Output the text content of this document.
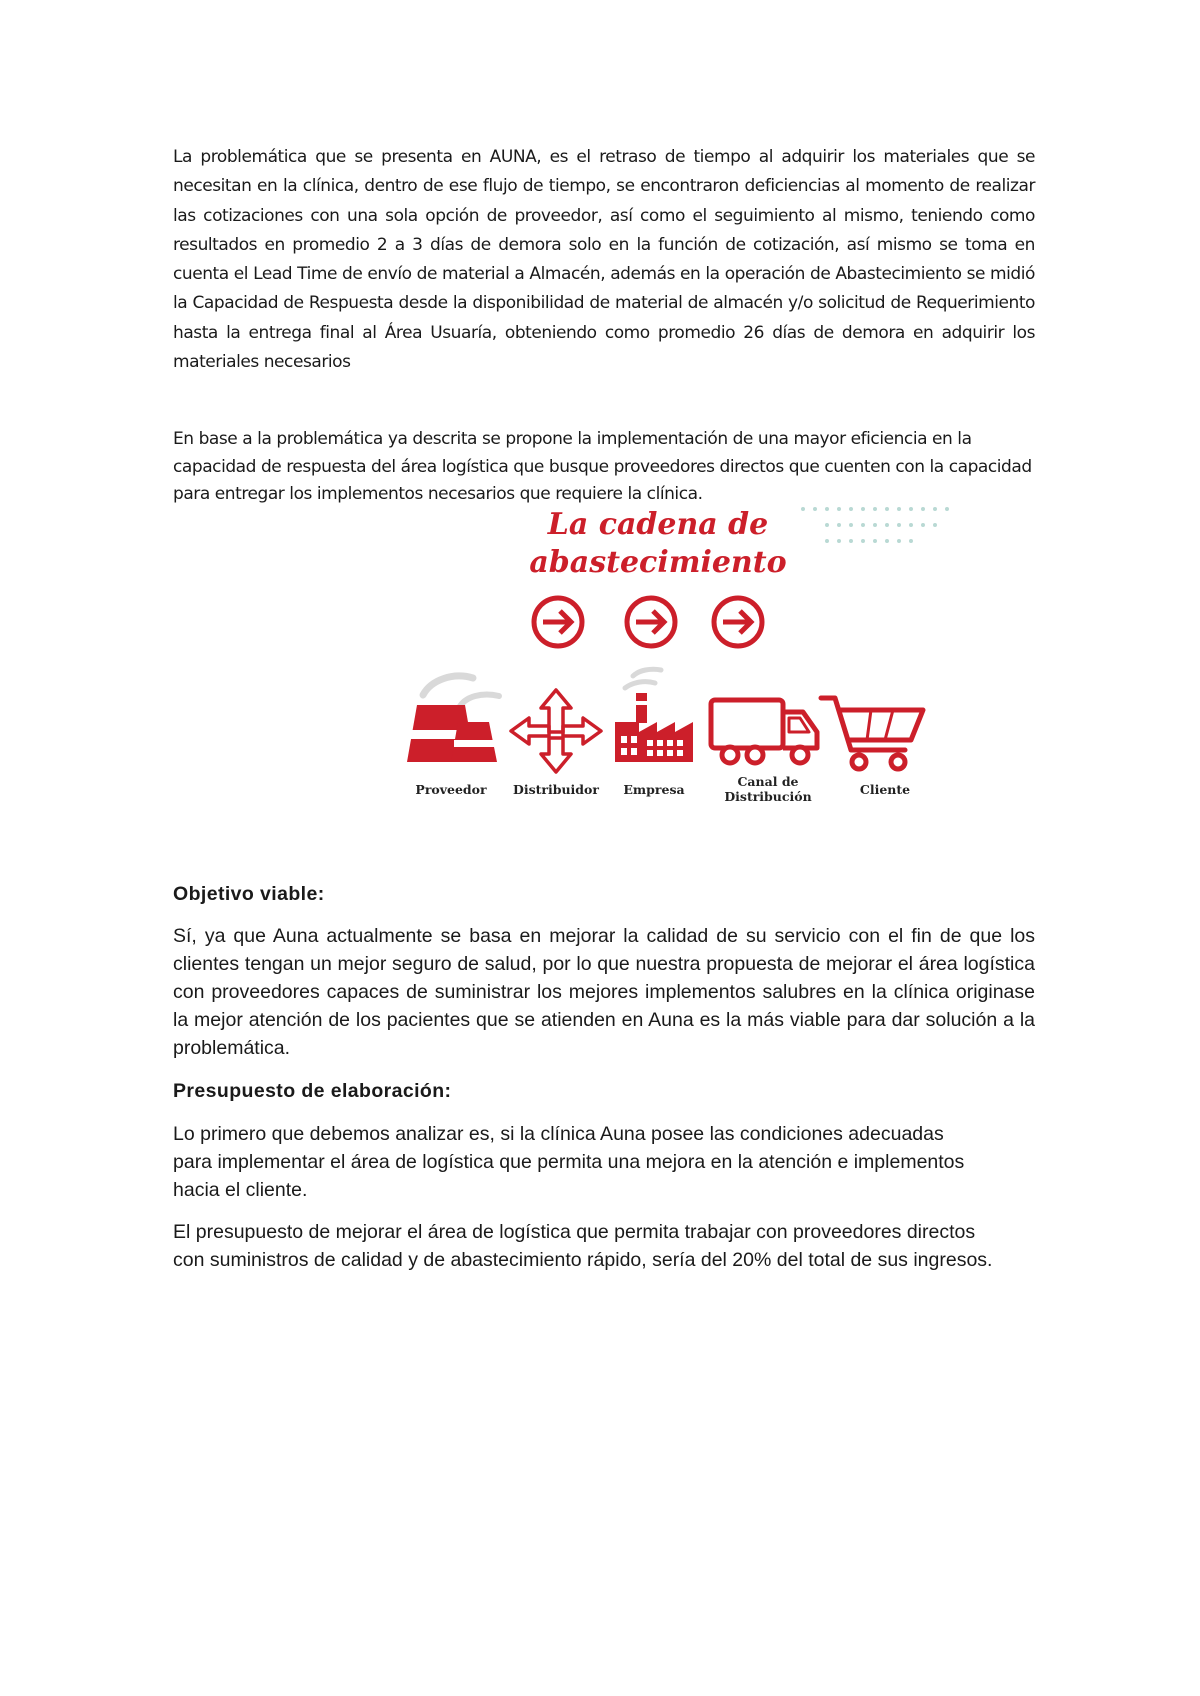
La problemática que se presenta en AUNA, es el retraso de tiempo al adquirir los materiales que se necesitan en la clínica, dentro de ese flujo de tiempo, se encontraron deficiencias al momento de realizar las cotizaciones con una sola opción de proveedor, así como el seguimiento al mismo, teniendo como resultados en promedio 2 a 3 días de demora solo en la función de cotización, así mismo se toma en cuenta el Lead Time de envío de material a Almacén, además en la operación de Abastecimiento se midió la Capacidad de Respuesta desde la disponibilidad de material de almacén y/o solicitud de Requerimiento hasta la entrega final al Área Usuaría, obteniendo como promedio 26 días de demora en adquirir los materiales necesarios

En base a la problemática ya descrita se propone la implementación de una mayor eficiencia en la capacidad de respuesta del área logística que busque proveedores directos que cuenten con la capacidad para entregar los implementos necesarios que requiere la clínica.

La cadena de

abastecimiento

Proveedor	Distribuidor	Empresa
Canal de Distribución	Cliente

Objetivo viable:

Sí, ya que Auna actualmente se basa en mejorar la calidad de su servicio con el fin de que los clientes tengan un mejor seguro de salud, por lo que nuestra propuesta de mejorar el área logística con proveedores capaces de suministrar los mejores implementos salubres en la clínica originase la mejor atención de los pacientes que se atienden en Auna es la más viable para dar solución a la problemática.

Presupuesto de elaboración:

Lo primero que debemos analizar es, si la clínica Auna posee las condiciones adecuadas para implementar el área de logística que permita una mejora en la atención e implementos hacia el cliente.

El presupuesto de mejorar el área de logística que permita trabajar con proveedores directos con suministros de calidad y de abastecimiento rápido, sería del 20% del total de sus ingresos.
